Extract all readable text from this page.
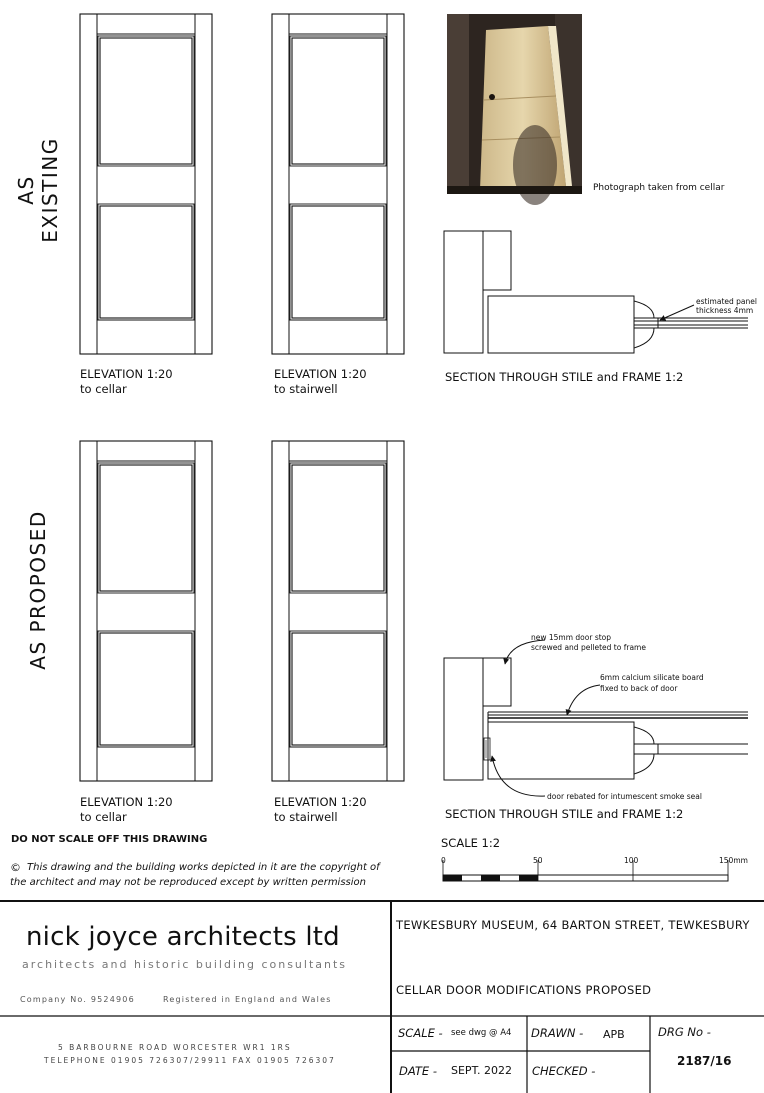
AS EXISTING
AS PROPOSED
ELEVATION 1:20
to cellar
ELEVATION 1:20
to stairwell
ELEVATION 1:20
to cellar
ELEVATION 1:20
to stairwell
Photograph taken from cellar
estimated panel
thickness 4mm
SECTION THROUGH STILE and FRAME 1:2
new 15mm door stop
screwed and pelleted to frame
6mm calcium silicate board
fixed to back of door
door rebated for intumescent smoke seal
SECTION THROUGH STILE and FRAME 1:2
DO NOT SCALE OFF THIS DRAWING
© This drawing and the building works depicted in it are the copyright of
the architect and may not be reproduced except by written permission
SCALE 1:2
0	50	100	150mm
nick joyce architects ltd
architects and historic building consultants
Company No. 9524906	Registered in England and Wales
5 BARBOURNE ROAD WORCESTER WR1 1RS
TELEPHONE 01905 726307/29911 FAX 01905 726307
TEWKESBURY MUSEUM, 64 BARTON STREET, TEWKESBURY
CELLAR DOOR MODIFICATIONS PROPOSED
SCALE - see dwg @ A4 DRAWN - APB	DRG No -
2187/16
DATE - SEPT. 2022 CHECKED -
